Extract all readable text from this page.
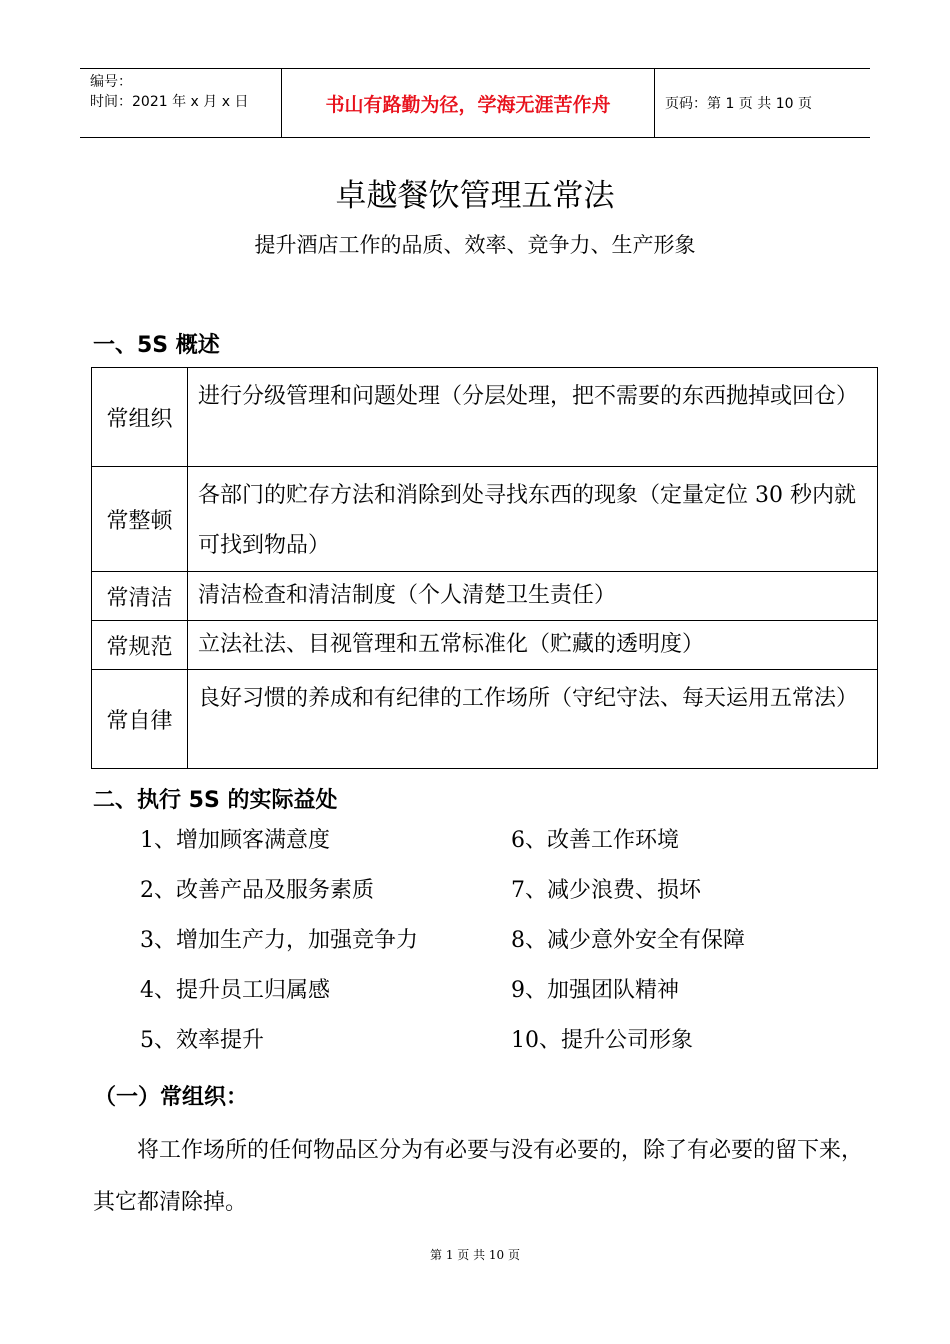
编号：
时间：2021 年 x 月 x 日	书山有路勤为径，学海无涯苦作舟	页码：第 1 页 共 10 页
卓越餐饮管理五常法
提升酒店工作的品质、效率、竞争力、生产形象
一、5S 概述
常组织	进行分级管理和问题处理（分层处理，把不需要的东西抛掉或回仓）
常整顿	各部门的贮存方法和消除到处寻找东西的现象（定量定位 30 秒内就可找到物品）
常清洁	清洁检查和清洁制度（个人清楚卫生责任）
常规范	立法社法、目视管理和五常标准化（贮藏的透明度）
常自律	良好习惯的养成和有纪律的工作场所（守纪守法、每天运用五常法）
二、执行 5S 的实际益处
1、增加顾客满意度
2、改善产品及服务素质
3、增加生产力，加强竞争力
4、提升员工归属感
5、效率提升
6、改善工作环境
7、减少浪费、损坏
8、减少意外安全有保障
9、加强团队精神
10、提升公司形象
（一）常组织：
将工作场所的任何物品区分为有必要与没有必要的，除了有必要的留下来，其它都清除掉。
第 1 页 共 10 页
